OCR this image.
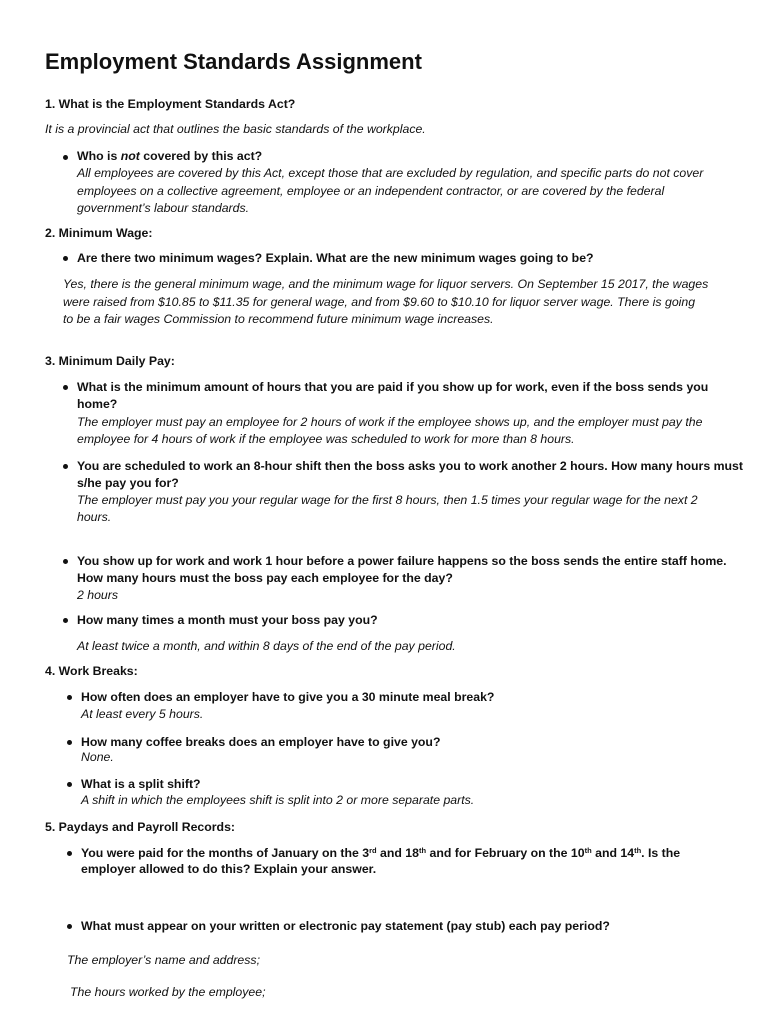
Employment Standards Assignment
1. What is the Employment Standards Act?
It is a provincial act that outlines the basic standards of the workplace.
Who is not covered by this act?
All employees are covered by this Act, except those that are excluded by regulation, and specific parts do not cover
employees on a collective agreement, employee or an independent contractor, or are covered by the federal
government’s labour standards.
2. Minimum Wage:
Are there two minimum wages? Explain. What are the new minimum wages going to be?
Yes, there is the general minimum wage, and the minimum wage for liquor servers. On September 15 2017, the wages
were raised from $10.85 to $11.35 for general wage, and from $9.60 to $10.10 for liquor server wage. There is going
to be a fair wages Commission to recommend future minimum wage increases.
3. Minimum Daily Pay:
What is the minimum amount of hours that you are paid if you show up for work, even if the boss sends you
home?
The employer must pay an employee for 2 hours of work if the employee shows up, and the employer must pay the
employee for 4 hours of work if the employee was scheduled to work for more than 8 hours.
You are scheduled to work an 8-hour shift then the boss asks you to work another 2 hours. How many hours must
s/he pay you for?
The employer must pay you your regular wage for the first 8 hours, then 1.5 times your regular wage for the next 2
hours.
You show up for work and work 1 hour before a power failure happens so the boss sends the entire staff home.
How many hours must the boss pay each employee for the day?
2 hours
How many times a month must your boss pay you?
At least twice a month, and within 8 days of the end of the pay period.
4. Work Breaks:
How often does an employer have to give you a 30 minute meal break?
At least every 5 hours.
How many coffee breaks does an employer have to give you?
None.
What is a split shift?
A shift in which the employees shift is split into 2 or more separate parts.
5. Paydays and Payroll Records:
You were paid for the months of January on the 3rd and 18th and for February on the 10th and 14th. Is the
employer allowed to do this? Explain your answer.
What must appear on your written or electronic pay statement (pay stub) each pay period?
The employer’s name and address;
The hours worked by the employee;
